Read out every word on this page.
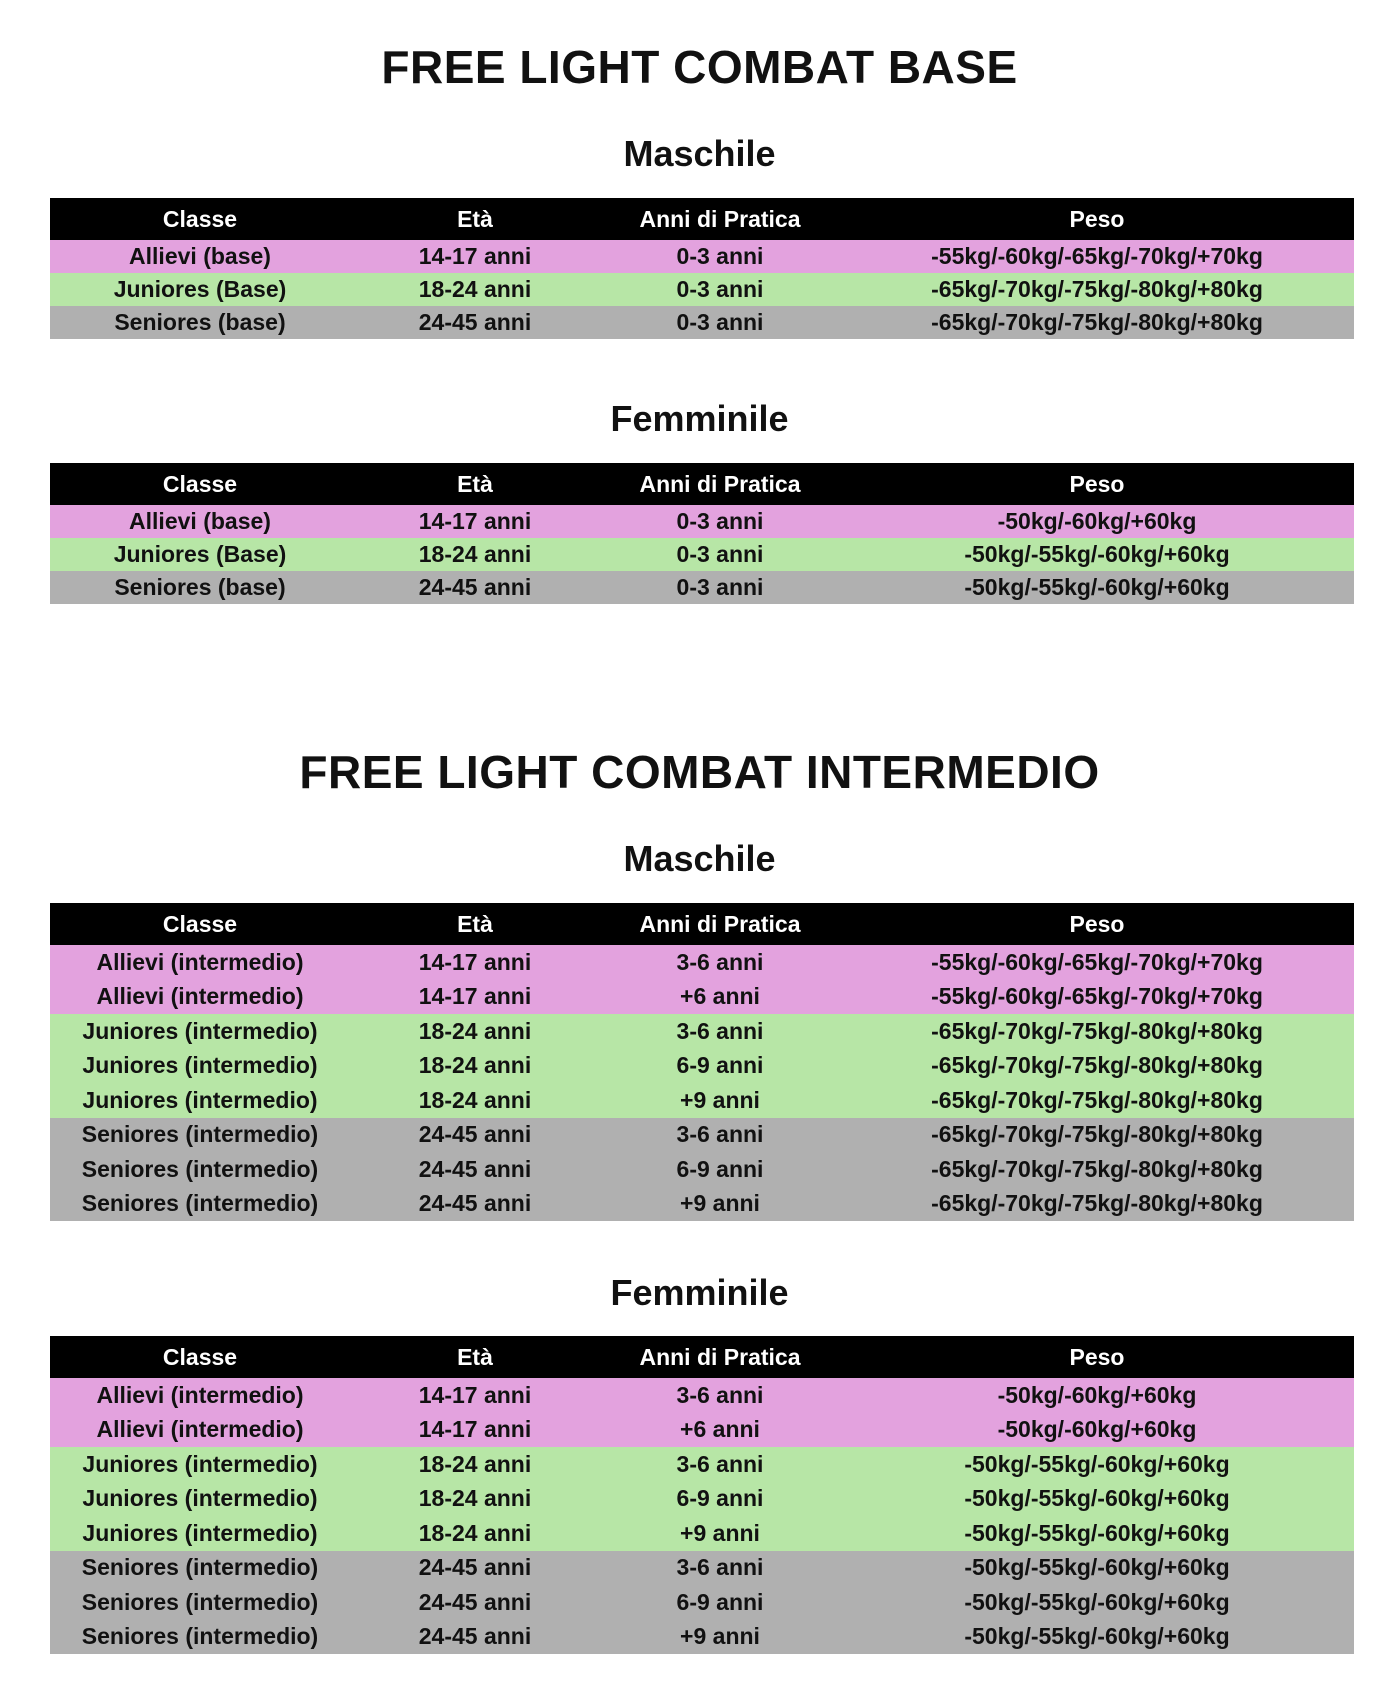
FREE LIGHT COMBAT BASE
Maschile
Classe	Età	Anni di Pratica	Peso
Allievi (base)	14-17 anni	0-3 anni	-55kg/-60kg/-65kg/-70kg/+70kg
Juniores (Base)	18-24 anni	0-3 anni	-65kg/-70kg/-75kg/-80kg/+80kg
Seniores (base)	24-45 anni	0-3 anni	-65kg/-70kg/-75kg/-80kg/+80kg
Femminile
Classe	Età	Anni di Pratica	Peso
Allievi (base)	14-17 anni	0-3 anni	-50kg/-60kg/+60kg
Juniores (Base)	18-24 anni	0-3 anni	-50kg/-55kg/-60kg/+60kg
Seniores (base)	24-45 anni	0-3 anni	-50kg/-55kg/-60kg/+60kg
FREE LIGHT COMBAT INTERMEDIO
Maschile
Classe	Età	Anni di Pratica	Peso
Allievi (intermedio)	14-17 anni	3-6 anni	-55kg/-60kg/-65kg/-70kg/+70kg
Allievi (intermedio)	14-17 anni	+6 anni	-55kg/-60kg/-65kg/-70kg/+70kg
Juniores (intermedio)	18-24 anni	3-6 anni	-65kg/-70kg/-75kg/-80kg/+80kg
Juniores (intermedio)	18-24 anni	6-9 anni	-65kg/-70kg/-75kg/-80kg/+80kg
Juniores (intermedio)	18-24 anni	+9 anni	-65kg/-70kg/-75kg/-80kg/+80kg
Seniores (intermedio)	24-45 anni	3-6 anni	-65kg/-70kg/-75kg/-80kg/+80kg
Seniores (intermedio)	24-45 anni	6-9 anni	-65kg/-70kg/-75kg/-80kg/+80kg
Seniores (intermedio)	24-45 anni	+9 anni	-65kg/-70kg/-75kg/-80kg/+80kg
Femminile
Classe	Età	Anni di Pratica	Peso
Allievi (intermedio)	14-17 anni	3-6 anni	-50kg/-60kg/+60kg
Allievi (intermedio)	14-17 anni	+6 anni	-50kg/-60kg/+60kg
Juniores (intermedio)	18-24 anni	3-6 anni	-50kg/-55kg/-60kg/+60kg
Juniores (intermedio)	18-24 anni	6-9 anni	-50kg/-55kg/-60kg/+60kg
Juniores (intermedio)	18-24 anni	+9 anni	-50kg/-55kg/-60kg/+60kg
Seniores (intermedio)	24-45 anni	3-6 anni	-50kg/-55kg/-60kg/+60kg
Seniores (intermedio)	24-45 anni	6-9 anni	-50kg/-55kg/-60kg/+60kg
Seniores (intermedio)	24-45 anni	+9 anni	-50kg/-55kg/-60kg/+60kg
